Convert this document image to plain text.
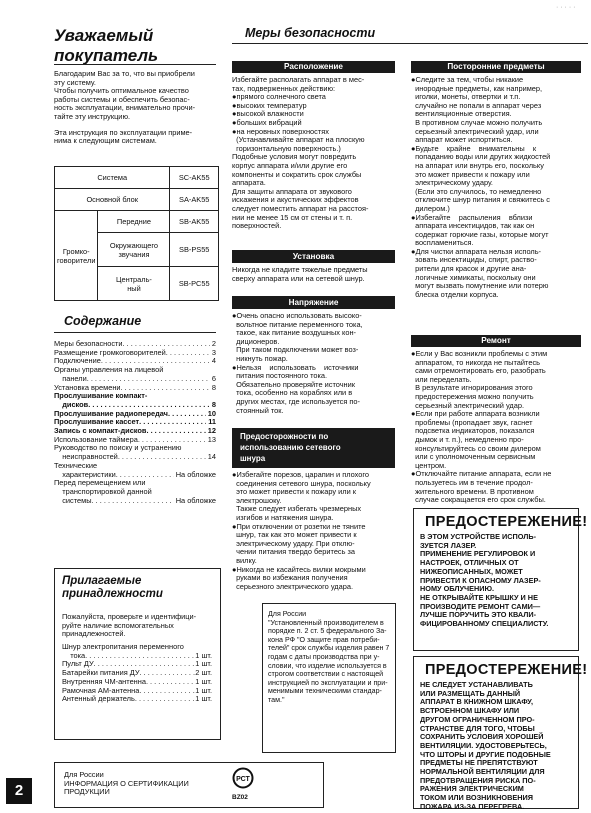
Уважаемый
покупатель
Благодарим Вас за то, что вы приобрели
эту систему.
Чтобы получить оптимальное качество
работы системы и обеспечить безопас-
ность эксплуатации, внимательно прочи-
тайте эту инструкцию.
Эта инструкция по эксплуатации приме-
нима к следующим системам.
Система		SC-AK55
Основной блок		SA-AK55

Громко-
говорители	Передние	SB-AK55

	Окружающего
звучания	SB-PS55

	Централь-
ный	SB-PC55
Содержание
Меры безопасности . . .	2
Размещение громкоговорителей . . .	3
Подключение . . .	4
Органы управления на лицевой
панели . . .	6
Установка времени . . .	8
Прослушивание компакт-
дисков . . .	8
Прослушивание радиопередач . . .	10
Прослушивание кассет . . .	11
Запись с компакт-дисков . . .	12
Использование таймера . . .	13
Руководство по поиску и устранению
неисправностей . . .	14
Технические
характеристики . . .	На обложке
Перед перемещением или
транспортировкой данной
системы . . .	На обложке
Прилагаемые
принадлежности
Пожалуйста, проверьте и идентифици-
руйте наличие вспомогательных
принадлежностей.
Шнур электропитания переменного
тока . . .	1 шт.
Пульт ДУ . . .	1 шт.
Батарейки питания ДУ . . .	2 шт.
Внутренняя ЧМ-антенна . . .	1 шт.
Рамочная АМ-антенна . . .	1 шт.
Антенный держатель . . .	1 шт.
Для России
ИНФОРМАЦИЯ О СЕРТИФИКАЦИИ
ПРОДУКЦИИ
РСТ
BZ02
2
Меры безопасности
Расположение
Избегайте располагать аппарат в мес-
тах, подверженных действию:
●прямого солнечного света
●высоких температур
●высокой влажности
●больших вибраций
●на неровных поверхностях
(Устанавливайте аппарат на плоскую
горизонтальную поверхность.)
Подобные условия могут повредить
корпус аппарата и/или другие его
компоненты и сократить срок службы
аппарата.
Для защиты аппарата от звукового
искажения и акустических эффектов
следует поместить аппарат на расстоя-
нии не менее 15 см от стены и т. п.
поверхностей.
Установка
Никогда не кладите тяжелые предметы
сверху аппарата или на сетевой шнур.
Напряжение
●Очень опасно использовать высоко-
вольтное питание переменного тока,
такое, как питание воздушных кон-
диционеров.
При таком подключении может воз-
никнуть пожар.
●Нельзя    использовать    источники
питания постоянного тока.
Обязательно проверяйте источник
тока, особенно на кораблях или в
других местах, где используется по-
стоянный ток.
Предосторожности по
использованию сетевого
шнура
●Избегайте порезов, царапин и плохого
соединения сетевого шнура, поскольку
это может привести к пожару или к
электрошоку.
Также следует избегать чрезмерных
изгибов и натяжения шнура.
●При отключении от розетки не тяните
шнур, так как это может привести к
электрическому удару. При отклю-
чении питания твердо беритесь за
вилку.
●Никогда не касайтесь вилки мокрыми
руками во избежания получения
серьезного электрического удара.
Для России
"Установленный производителем в
порядке п. 2 ст. 5 федерального За-
кона РФ "О защите прав потреби-
телей" срок службы изделия равен 7
годам с даты производства при у-
словии, что изделие используется в
строгом соответствии с настоящей
инструкцией по эксплуатации и при-
менимыми техническими стандар-
там."
Посторонние предметы
●Следите за тем, чтобы никакие
инородные предметы, как например,
иголки, монеты, отвертки и т.п.
случайно не попали в аппарат через
вентиляционные отверстия.
В противном случае можно получить
серьезный электрический удар, или
аппарат может испортиться.
●Будьте    крайне    внимательны    к
попаданию воды или других жидкостей
на аппарат или внутрь его, поскольку
это может привести к пожару или
электрическому удару.
(Если это случилось, то немедленно
отключите шнур питания и свяжитесь с
дилером.)
●Избегайте    распыления    вблизи
аппарата инсектицидов, так как он
содержат горючие газы, которые могут
воспламениться.
●Для чистки аппарата нельзя исполь-
зовать инсектициды, спирт, раство-
рители для красок и другие ана-
логичные химикаты, поскольку они
могут вызвать помутнение или потерю
блеска отделки корпуса.
Ремонт
●Если у Вас возникли проблемы с этим
аппаратом, то никогда не пытайтесь
сами отремонтировать его, разобрать
или переделать.
В результате игнорирования этого
предостережения можно получить
серьезный электрический удар.
●Если при работе аппарата возникли
проблемы (пропадает звук, гаснет
подсветка индикаторов, показался
дымок и т. п.), немедленно про-
консультируйтесь со своим дилером
или с уполномоченным сервисным
центром.
●Отключайте питание аппарата, если не
пользуетесь им в течение продол-
жительного времени. В противном
случае сокращается его срок службы.
ПРЕДОСТЕРЕЖЕНИЕ!
В ЭТОМ УСТРОЙСТВЕ ИСПОЛЬ-
ЗУЕТСЯ ЛАЗЕР.
ПРИМЕНЕНИЕ РЕГУЛИРОВОК И
НАСТРОЕК, ОТЛИЧНЫХ ОТ
НИЖЕОПИСАННЫХ, МОЖЕТ
ПРИВЕСТИ К ОПАСНОМУ ЛАЗЕР-
НОМУ ОБЛУЧЕНИЮ.
НЕ ОТКРЫВАЙТЕ КРЫШКУ И НЕ
ПРОИЗВОДИТЕ РЕМОНТ САМИ—
ЛУЧШЕ ПОРУЧИТЬ ЭТО КВАЛИ-
ФИЦИРОВАННОМУ СПЕЦИАЛИСТУ.
ПРЕДОСТЕРЕЖЕНИЕ!
НЕ СЛЕДУЕТ УСТАНАВЛИВАТЬ
ИЛИ РАЗМЕЩАТЬ ДАННЫЙ
АППАРАТ В КНИЖНОМ ШКАФУ,
ВСТРОЕННОМ ШКАФУ ИЛИ
ДРУГОМ ОГРАНИЧЕННОМ ПРО-
СТРАНСТВЕ ДЛЯ ТОГО, ЧТОБЫ
СОХРАНИТЬ УСЛОВИЯ ХОРОШЕЙ
ВЕНТИЛЯЦИИ. УДОСТОВЕРЬТЕСЬ,
ЧТО ШТОРЫ И ДРУГИЕ ПОДОБНЫЕ
ПРЕДМЕТЫ НЕ ПРЕПЯТСТВУЮТ
НОРМАЛЬНОЙ ВЕНТИЛЯЦИИ ДЛЯ
ПРЕДОТВРАЩЕНИЯ РИСКА ПО-
РАЖЕНИЯ ЭЛЕКТРИЧЕСКИМ
ТОКОМ ИЛИ ВОЗНИКНОВЕНИЯ
ПОЖАРА ИЗ-ЗА ПЕРЕГРЕВА.
· · · · ·
